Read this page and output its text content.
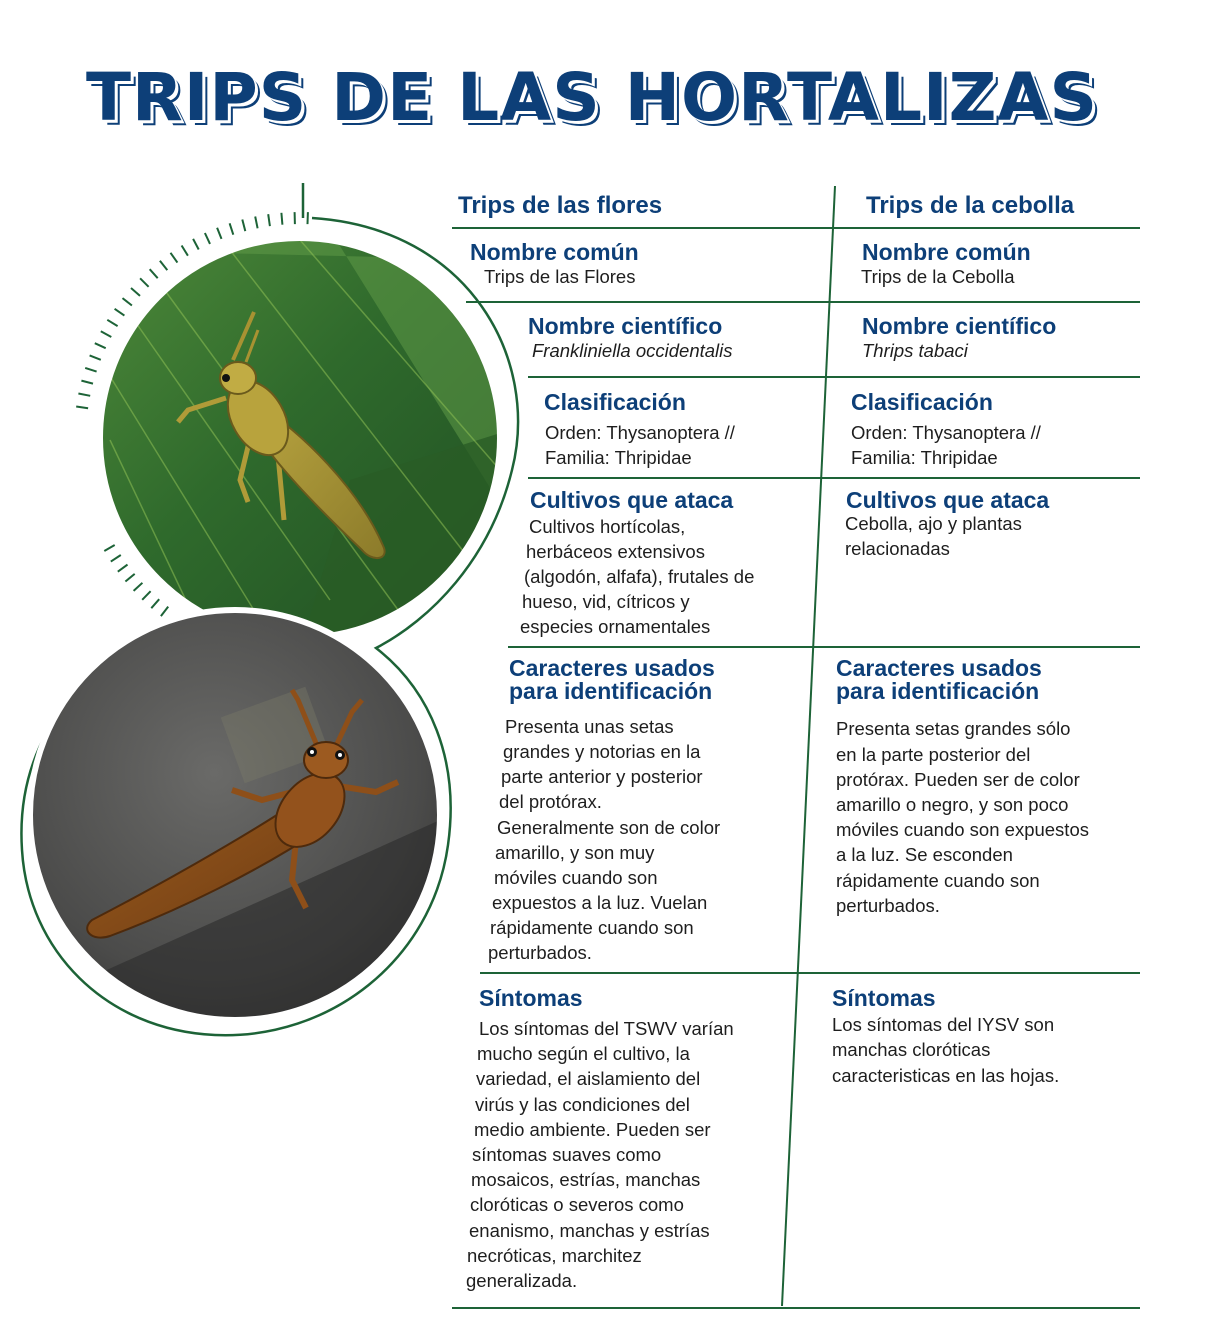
TRIPS DE LAS HORTALIZAS
Trips de las flores	Trips de la cebolla
Nombre común
Trips de las Flores
Nombre común
Trips de la Cebolla
Nombre científico
Frankliniella occidentalis
Nombre científico
Thrips tabaci
Clasificación
Orden: Thysanoptera //
Familia: Thripidae
Clasificación
Orden: Thysanoptera //
Familia: Thripidae
Cultivos que ataca
Cultivos hortícolas,
herbáceos extensivos
(algodón, alfafa), frutales de
hueso, vid, cítricos y
especies ornamentales
Cultivos que ataca
Cebolla, ajo y plantas
relacionadas
Caracteres usados
para identificación
Caracteres usados
para identificación
Presenta unas setas
grandes y notorias en la
parte anterior y posterior
del protórax.
Generalmente son de color
amarillo, y son muy
móviles cuando son
expuestos a la luz. Vuelan
rápidamente cuando son
perturbados.
Presenta setas grandes sólo
en la parte posterior del
protórax. Pueden ser de color
amarillo o negro, y son poco
móviles cuando son expuestos
a la luz. Se esconden
rápidamente cuando son
perturbados.
Síntomas
Los síntomas del TSWV varían
mucho según el cultivo, la
variedad, el aislamiento del
virús y las condiciones del
medio ambiente. Pueden ser
síntomas suaves como
mosaicos, estrías, manchas
cloróticas o severos como
enanismo, manchas y estrías
necróticas, marchitez
generalizada.
Síntomas
Los síntomas del IYSV son
manchas cloróticas
caracteristicas en las hojas.
